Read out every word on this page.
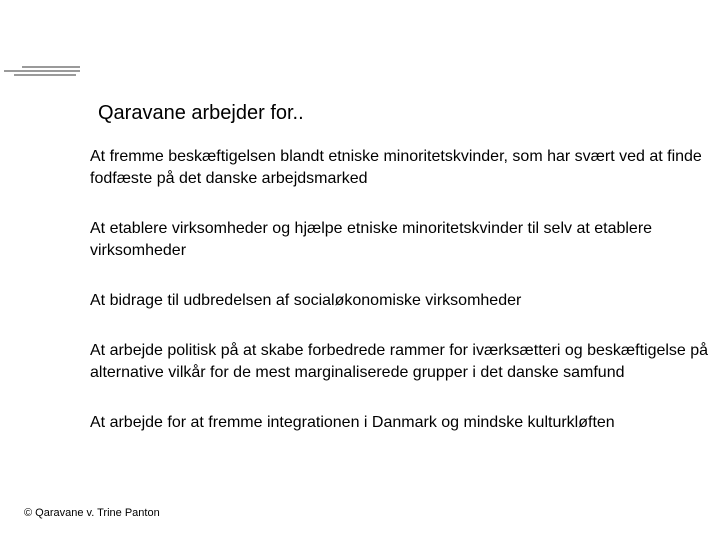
Qaravane arbejder for..
At fremme beskæftigelsen blandt etniske minoritetskvinder, som har svært ved at finde fodfæste på det danske arbejdsmarked
At etablere virksomheder og hjælpe etniske minoritetskvinder til selv at etablere virksomheder
At bidrage til udbredelsen af socialøkonomiske virksomheder
At arbejde politisk på at skabe forbedrede rammer for iværksætteri og beskæftigelse på alternative vilkår for de mest marginaliserede grupper i det danske samfund
At arbejde for at fremme integrationen i Danmark og mindske kulturkløften
© Qaravane v. Trine Panton
